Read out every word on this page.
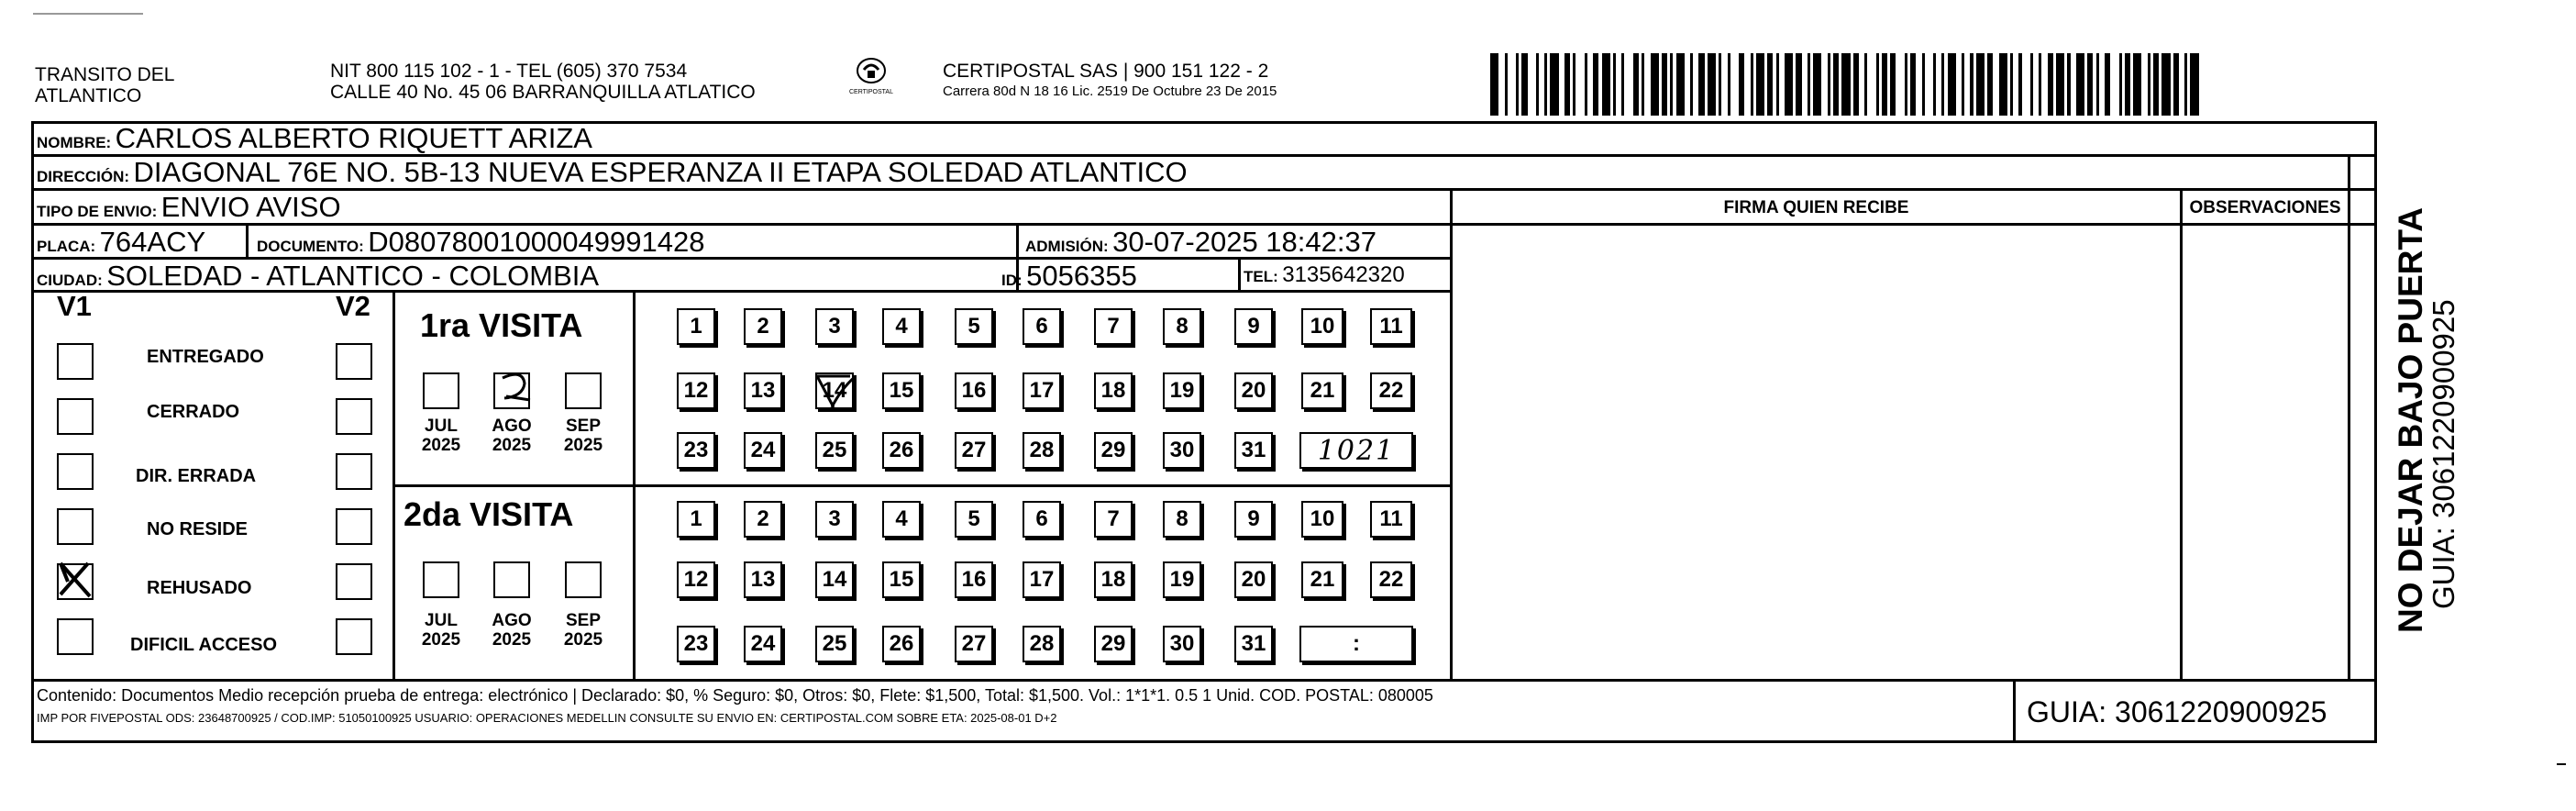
TRANSITO DEL
ATLANTICO
NIT 800 115 102 - 1 - TEL (605) 370 7534
CALLE 40 No. 45 06 BARRANQUILLA ATLATICO	CERTIPOSTAL
CERTIPOSTAL SAS | 900 151 122 - 2
Carrera 80d N 18 16 Lic. 2519 De Octubre 23 De 2015
NOMBRE: CARLOS ALBERTO RIQUETT ARIZA
DIRECCIÓN: DIAGONAL 76E NO. 5B-13 NUEVA ESPERANZA II ETAPA SOLEDAD ATLANTICO
TIPO DE ENVIO: ENVIO AVISO	FIRMA QUIEN RECIBE	OBSERVACIONES
PLACA: 764ACY	DOCUMENTO: D08078001000049991428	ADMISIÓN: 30-07-2025 18:42:37
CIUDAD: SOLEDAD - ATLANTICO - COLOMBIA	ID: 5056355	TEL: 3135642320
V1	V2
ENTREGADO
CERRADO
DIR. ERRADA
NO RESIDE
REHUSADO
DIFICIL ACCESO
1ra VISITA
JUL
2025
AGO
2025
SEP
2025
1	2	3	4	5	6	7	8	9	10	11
12	13	14	15	16	17	18	19	20	21	22
23	24	25	26	27	28	29	30	31	1021
2da VISITA
JUL
2025
AGO
2025
SEP
2025
1	2	3	4	5	6	7	8	9	10	11
12	13	14	15	16	17	18	19	20	21	22
23	24	25	26	27	28	29	30	31	:
Contenido: Documentos Medio recepción prueba de entrega: electrónico | Declarado: $0, % Seguro: $0, Otros: $0, Flete: $1,500, Total: $1,500. Vol.: 1*1*1. 0.5 1 Unid. COD. POSTAL: 080005
IMP POR FIVEPOSTAL ODS: 23648700925 / COD.IMP: 51050100925 USUARIO: OPERACIONES MEDELLIN CONSULTE SU ENVIO EN: CERTIPOSTAL.COM SOBRE ETA: 2025-08-01 D+2	GUIA: 3061220900925
NO DEJAR BAJO PUERTA
GUIA: 3061220900925
